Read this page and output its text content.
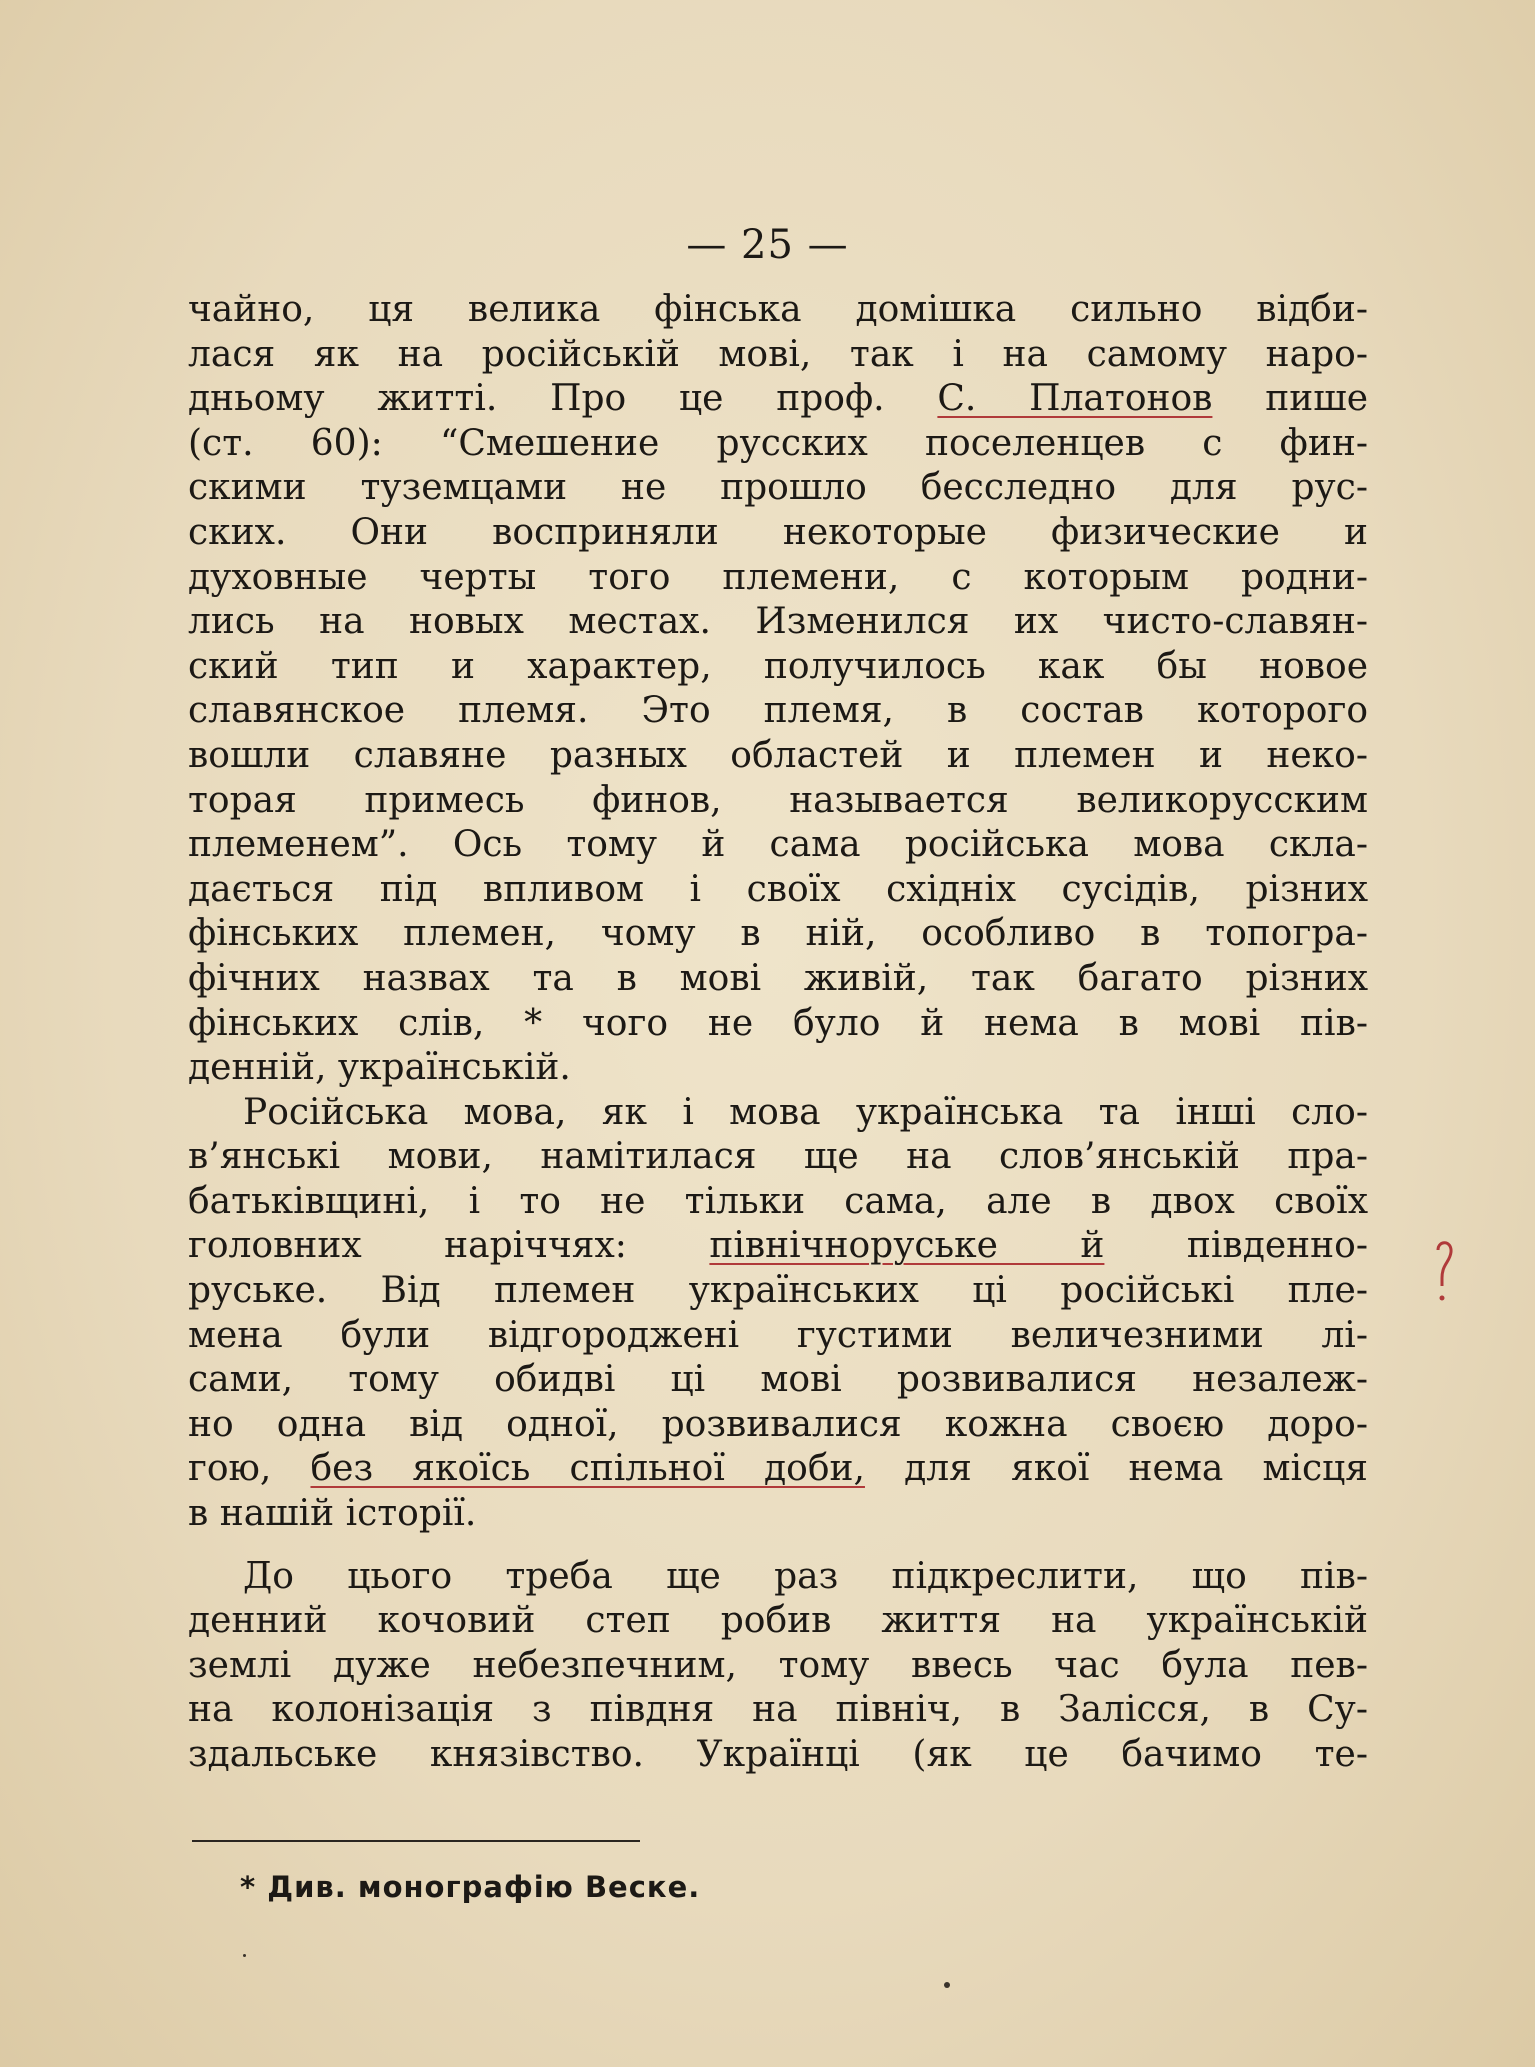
— 25 —
чайно, ця велика фінська домішка сильно відби-
лася як на російській мові, так і на самому наро-
дньому житті. Про це проф. С. Платонов пише
(ст. 60): “Смешение русских поселенцев с фин-
скими туземцами не прошло бесследно для рус-
ских. Они восприняли некоторые физические и
духовные черты того племени, с которым родни-
лись на новых местах. Изменился их чисто-славян-
ский тип и характер, получилось как бы новое
славянское племя. Это племя, в состав которого
вошли славяне разных областей и племен и неко-
торая примесь финов, называется великорусским
племенем”. Ось тому й сама російська мова скла-
дається під впливом і своїх східніх сусідів, різних
фінських племен, чому в ній, особливо в топогра-
фічних назвах та в мові живій, так багато різних
фінських слів, * чого не було й нема в мові пів-
денній, українській.
Російська мова, як і мова українська та інші сло-
в’янські мови, намітилася ще на слов’янській пра-
батьківщині, і то не тільки сама, але в двох своїх
головних наріччях: північноруське й південно-
руське. Від племен українських ці російські пле-
мена були відгороджені густими величезними лі-
сами, тому обидві ці мові розвивалися незалеж-
но одна від одної, розвивалися кожна своєю доро-
гою, без якоїсь спільної доби, для якої нема місця
в нашій історії.
До цього треба ще раз підкреслити, що пів-
денний кочовий степ робив життя на українській
землі дуже небезпечним, тому ввесь час була пев-
на колонізація з півдня на північ, в Залісся, в Су-
здальське князівство. Українці (як це бачимо те-
* Див. монографію Веске.
